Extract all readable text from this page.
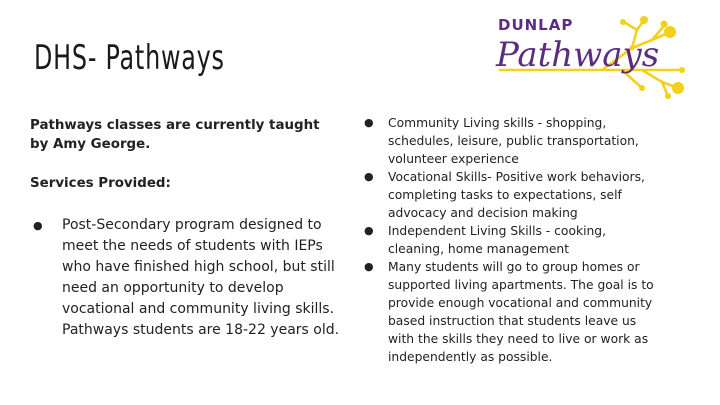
DHS- Pathways
DUNLAP
Pathways

Pathways classes are currently taught by Amy George.

Services Provided:

● Post-Secondary program designed to meet the needs of students with IEPs who have finished high school, but still need an opportunity to develop vocational and community living skills. Pathways students are 18-22 years old.
● Community Living skills - shopping, schedules, leisure, public transportation, volunteer experience
● Vocational Skills- Positive work behaviors, completing tasks to expectations, self advocacy and decision making
● Independent Living Skills - cooking, cleaning, home management
● Many students will go to group homes or supported living apartments. The goal is to provide enough vocational and community based instruction that students leave us with the skills they need to live or work as independently as possible.
